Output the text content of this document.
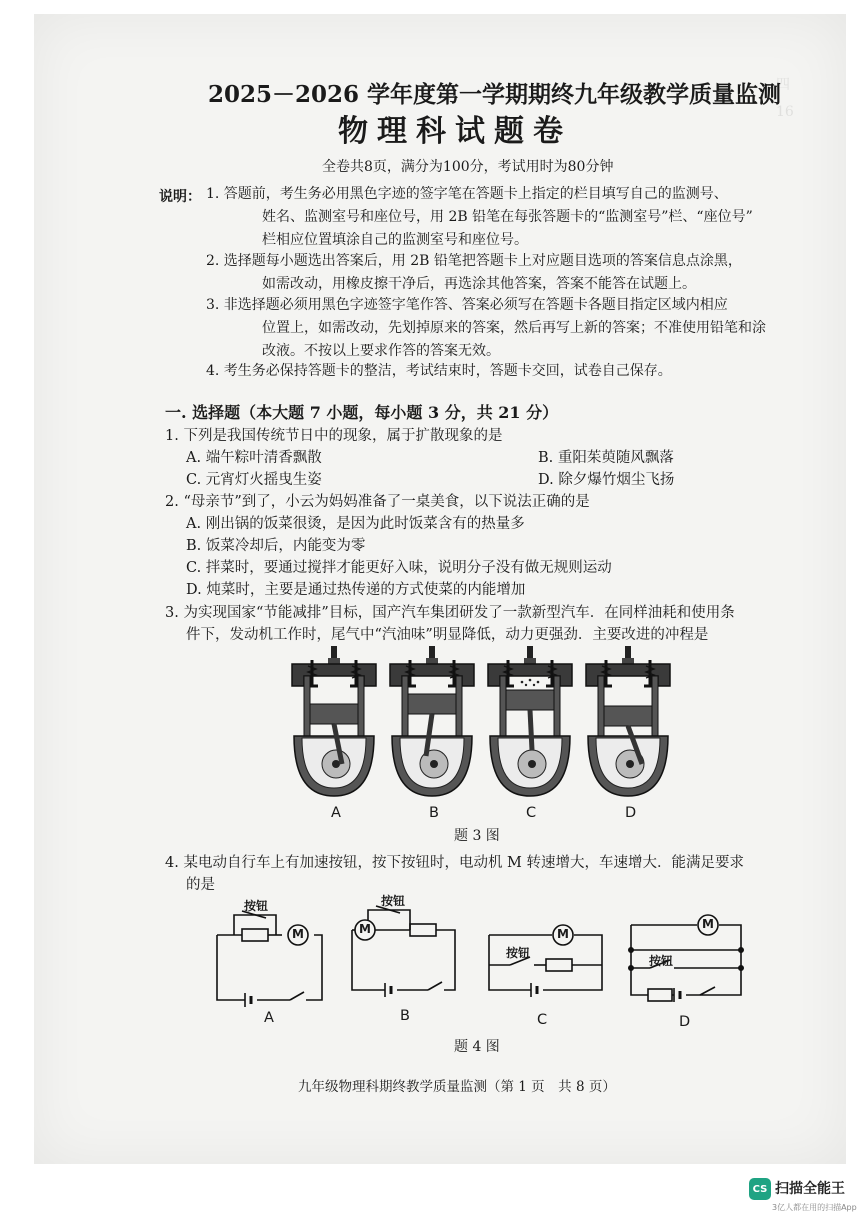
四
16
2025－2026 学年度第一学期期终九年级教学质量监测
物理科试题卷
全卷共8页，满分为100分，考试用时为80分钟
说明： 1. 答题前，考生务必用黑色字迹的签字笔在答题卡上指定的栏目填写自己的监测号、
姓名、监测室号和座位号，用 2B 铅笔在每张答题卡的“监测室号”栏、“座位号”
栏相应位置填涂自己的监测室号和座位号。
2. 选择题每小题选出答案后，用 2B 铅笔把答题卡上对应题目选项的答案信息点涂黑，
如需改动，用橡皮擦干净后，再选涂其他答案，答案不能答在试题上。
3. 非选择题必须用黑色字迹签字笔作答、答案必须写在答题卡各题目指定区域内相应
位置上，如需改动，先划掉原来的答案，然后再写上新的答案；不准使用铅笔和涂
改液。不按以上要求作答的答案无效。
4. 考生务必保持答题卡的整洁，考试结束时，答题卡交回，试卷自己保存。
一. 选择题（本大题 7 小题，每小题 3 分，共 21 分）
1. 下列是我国传统节日中的现象，属于扩散现象的是
A. 端午粽叶清香飘散	B. 重阳茱萸随风飘落
C. 元宵灯火摇曳生姿	D. 除夕爆竹烟尘飞扬
2. “母亲节”到了，小云为妈妈准备了一桌美食，以下说法正确的是
A. 刚出锅的饭菜很烫，是因为此时饭菜含有的热量多
B. 饭菜冷却后，内能变为零
C. 拌菜时，要通过搅拌才能更好入味，说明分子没有做无规则运动
D. 炖菜时，主要是通过热传递的方式使菜的内能增加
3. 为实现国家“节能减排”目标，国产汽车集团研发了一款新型汽车．在同样油耗和使用条
件下，发动机工作时，尾气中“汽油味”明显降低，动力更强劲．主要改进的冲程是
A	B	C	D
题 3 图
4. 某电动自行车上有加速按钮，按下按钮时，电动机 M 转速增大，车速增大．能满足要求
的是
M	M	M
M
按钮	按钮
按钮
按钮
A	B	C	D
题 4 图
九年级物理科期终教学质量监测（第 1 页　共 8 页）
CS 扫描全能王
3亿人都在用的扫描App
